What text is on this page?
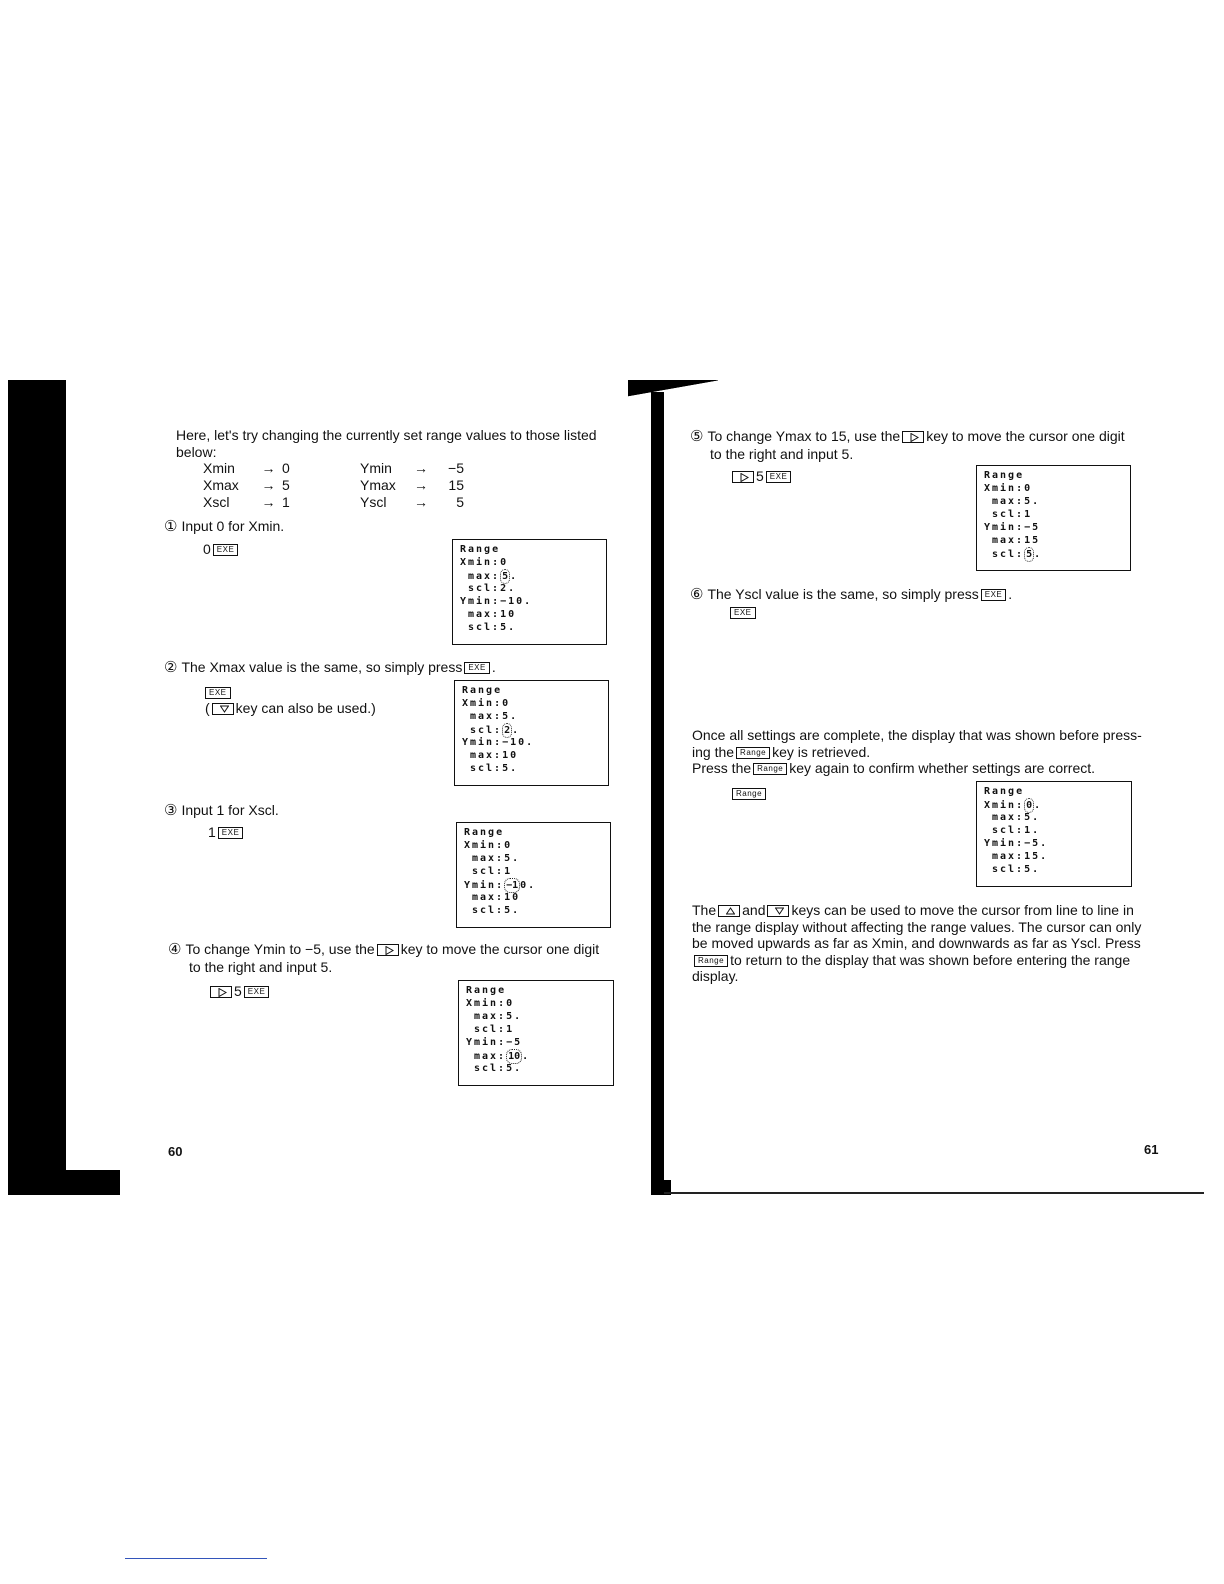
Here, let's try changing the currently set range values to those listed
below:
Xmin	→ 0	Ymin	→	−5
Xmax	→ 5	Ymax	→	15
Xscl	→ 1	Yscl	→	5
① Input 0 for Xmin.
0 EXE	Range
Xmin:0
max: 5 .
scl:2.
Ymin:−10.
max:10
scl:5.
② The Xmax value is the same, so simply press EXE .
EXE
( key can also be used.)
Range
Xmin:0
max:5.
scl: 2 .
Ymin:−10.
max:10
scl:5.
③ Input 1 for Xscl.
1 EXE	Range
Xmin:0
max:5.
scl:1
Ymin: −1 0.
max:10
scl:5.
④ To change Ymin to −5, use the key to move the cursor one digit
to the right and input 5.
5 EXE	Range
Xmin:0
max:5.
scl:1
Ymin:−5
max: 10 .
scl:5.
60
⑤ To change Ymax to 15, use the key to move the cursor one digit
to the right and input 5.
5 EXE	Range
Xmin:0
max:5.
scl:1
Ymin:−5
max:15
scl: 5 .
⑥ The Yscl value is the same, so simply press EXE .
EXE
Once all settings are complete, the display that was shown before press-
ing the Range key is retrieved.
Press the Range key again to confirm whether settings are correct.
Range	Range
Xmin: 0 .
max:5.
scl:1.
Ymin:−5.
max:15.
scl:5.
The and keys can be used to move the cursor from line to line in
the range display without affecting the range values. The cursor can only
be moved upwards as far as Xmin, and downwards as far as Yscl. Press
Range to return to the display that was shown before entering the range
display.
61
